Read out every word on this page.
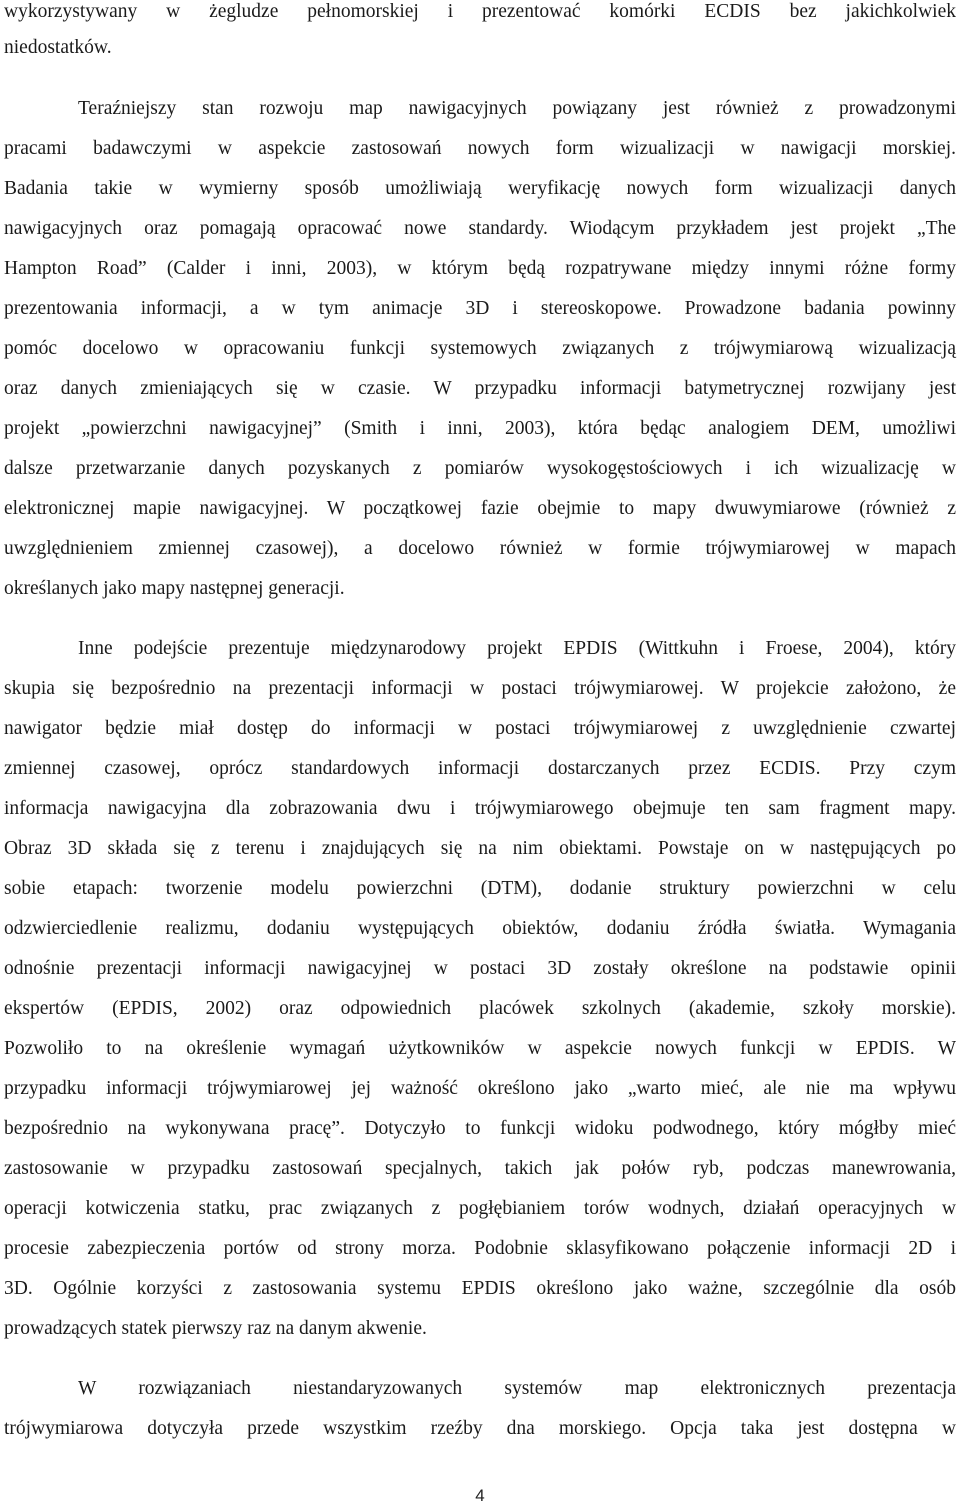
wykorzystywany w żegludze pełnomorskiej i prezentować komórki ECDIS bez jakichkolwiek
niedostatków.
Teraźniejszy stan rozwoju map nawigacyjnych powiązany jest również z prowadzonymi
pracami badawczymi w aspekcie zastosowań nowych form wizualizacji w nawigacji morskiej.
Badania takie w wymierny sposób umożliwiają weryfikację nowych form wizualizacji danych
nawigacyjnych oraz pomagają opracować nowe standardy. Wiodącym przykładem jest projekt „The
Hampton Road” (Calder i inni, 2003), w którym będą rozpatrywane między innymi różne formy
prezentowania informacji, a w tym animacje 3D i stereoskopowe. Prowadzone badania powinny
pomóc docelowo w opracowaniu funkcji systemowych związanych z trójwymiarową wizualizacją
oraz danych zmieniających się w czasie. W przypadku informacji batymetrycznej rozwijany jest
projekt „powierzchni nawigacyjnej” (Smith i inni, 2003), która będąc analogiem DEM, umożliwi
dalsze przetwarzanie danych pozyskanych z pomiarów wysokogęstościowych i ich wizualizację w
elektronicznej mapie nawigacyjnej. W początkowej fazie obejmie to mapy dwuwymiarowe (również z
uwzględnieniem zmiennej czasowej), a docelowo również w formie trójwymiarowej w mapach
określanych jako mapy następnej generacji.
Inne podejście prezentuje międzynarodowy projekt EPDIS (Wittkuhn i Froese, 2004), który
skupia się bezpośrednio na prezentacji informacji w postaci trójwymiarowej. W projekcie założono, że
nawigator będzie miał dostęp do informacji w postaci trójwymiarowej z uwzględnienie czwartej
zmiennej czasowej, oprócz standardowych informacji dostarczanych przez ECDIS. Przy czym
informacja nawigacyjna dla zobrazowania dwu i trójwymiarowego obejmuje ten sam fragment mapy.
Obraz 3D składa się z terenu i znajdujących się na nim obiektami. Powstaje on w następujących po
sobie etapach: tworzenie modelu powierzchni (DTM), dodanie struktury powierzchni w celu
odzwierciedlenie realizmu, dodaniu występujących obiektów, dodaniu źródła światła. Wymagania
odnośnie prezentacji informacji nawigacyjnej w postaci 3D zostały określone na podstawie opinii
ekspertów (EPDIS, 2002) oraz odpowiednich placówek szkolnych (akademie, szkoły morskie).
Pozwoliło to na określenie wymagań użytkowników w aspekcie nowych funkcji w EPDIS. W
przypadku informacji trójwymiarowej jej ważność określono jako „warto mieć, ale nie ma wpływu
bezpośrednio na wykonywana pracę”. Dotyczyło to funkcji widoku podwodnego, który mógłby mieć
zastosowanie w przypadku zastosowań specjalnych, takich jak połów ryb, podczas manewrowania,
operacji kotwiczenia statku, prac związanych z pogłębianiem torów wodnych, działań operacyjnych w
procesie zabezpieczenia portów od strony morza. Podobnie sklasyfikowano połączenie informacji 2D i
3D. Ogólnie korzyści z zastosowania systemu EPDIS określono jako ważne, szczególnie dla osób
prowadzących statek pierwszy raz na danym akwenie.
W rozwiązaniach niestandaryzowanych systemów map elektronicznych prezentacja
trójwymiarowa dotyczyła przede wszystkim rzeźby dna morskiego. Opcja taka jest dostępna w
4
